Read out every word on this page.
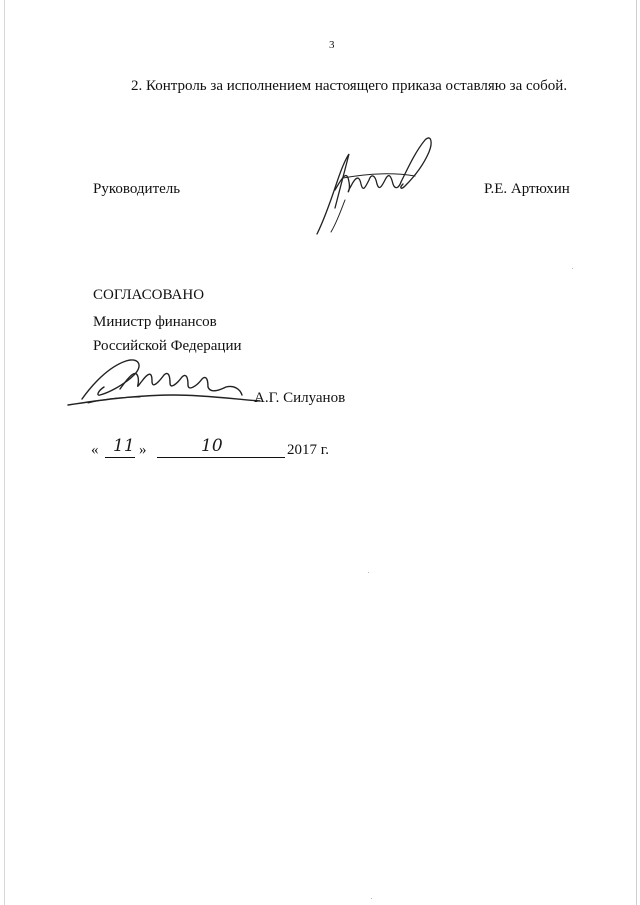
3
2. Контроль за исполнением настоящего приказа оставляю за собой.
Руководитель	Р.Е. Артюхин
СОГЛАСОВАНО
Министр финансов
Российской Федерации
А.Г. Силуанов
« 11 »	10	2017 г.
